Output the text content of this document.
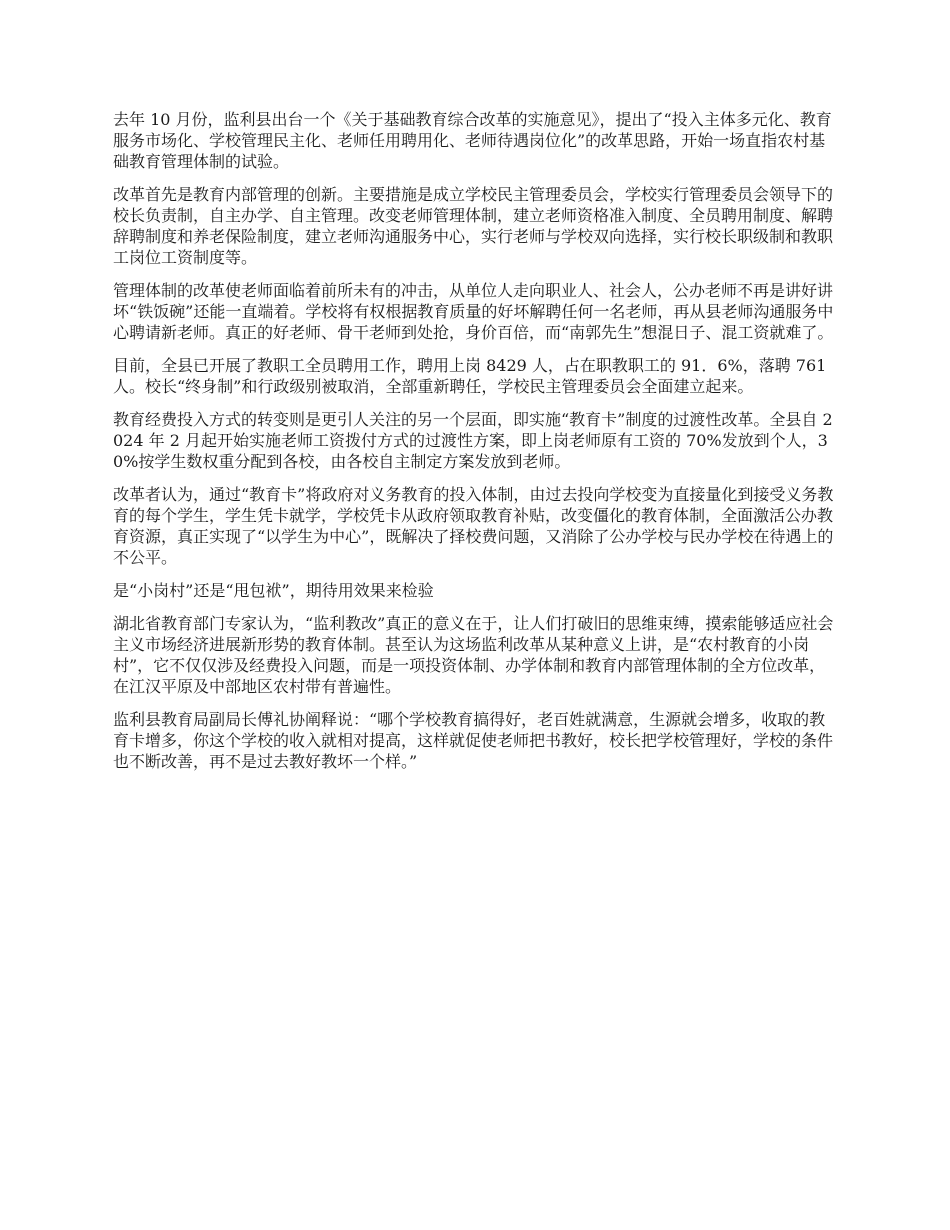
去年 10 月份，监利县出台一个《关于基础教育综合改革的实施意见》，提出了“投入主体多元化、教育服务市场化、学校管理民主化、老师任用聘用化、老师待遇岗位化”的改革思路，开始一场直指农村基础教育管理体制的试验。

改革首先是教育内部管理的创新。主要措施是成立学校民主管理委员会，学校实行管理委员会领导下的校长负责制，自主办学、自主管理。改变老师管理体制，建立老师资格准入制度、全员聘用制度、解聘辞聘制度和养老保险制度，建立老师沟通服务中心，实行老师与学校双向选择，实行校长职级制和教职工岗位工资制度等。

管理体制的改革使老师面临着前所未有的冲击，从单位人走向职业人、社会人，公办老师不再是讲好讲坏“铁饭碗”还能一直端着。学校将有权根据教育质量的好坏解聘任何一名老师，再从县老师沟通服务中心聘请新老师。真正的好老师、骨干老师到处抢，身价百倍，而“南郭先生”想混日子、混工资就难了。

目前，全县已开展了教职工全员聘用工作，聘用上岗 8429 人，占在职教职工的 91．6%，落聘 761 人。校长“终身制”和行政级别被取消，全部重新聘任，学校民主管理委员会全面建立起来。

教育经费投入方式的转变则是更引人关注的另一个层面，即实施“教育卡”制度的过渡性改革。全县自 2024 年 2 月起开始实施老师工资拨付方式的过渡性方案，即上岗老师原有工资的 70%发放到个人，30%按学生数权重分配到各校，由各校自主制定方案发放到老师。

改革者认为，通过“教育卡”将政府对义务教育的投入体制，由过去投向学校变为直接量化到接受义务教育的每个学生，学生凭卡就学，学校凭卡从政府领取教育补贴，改变僵化的教育体制，全面激活公办教育资源，真正实现了“以学生为中心”，既解决了择校费问题，又消除了公办学校与民办学校在待遇上的不公平。

是“小岗村”还是“甩包袱”，期待用效果来检验

湖北省教育部门专家认为，“监利教改”真正的意义在于，让人们打破旧的思维束缚，摸索能够适应社会主义市场经济进展新形势的教育体制。甚至认为这场监利改革从某种意义上讲，是“农村教育的小岗村”，它不仅仅涉及经费投入问题，而是一项投资体制、办学体制和教育内部管理体制的全方位改革，在江汉平原及中部地区农村带有普遍性。

监利县教育局副局长傅礼协阐释说：“哪个学校教育搞得好，老百姓就满意，生源就会增多，收取的教育卡增多，你这个学校的收入就相对提高，这样就促使老师把书教好，校长把学校管理好，学校的条件也不断改善，再不是过去教好教坏一个样。”
